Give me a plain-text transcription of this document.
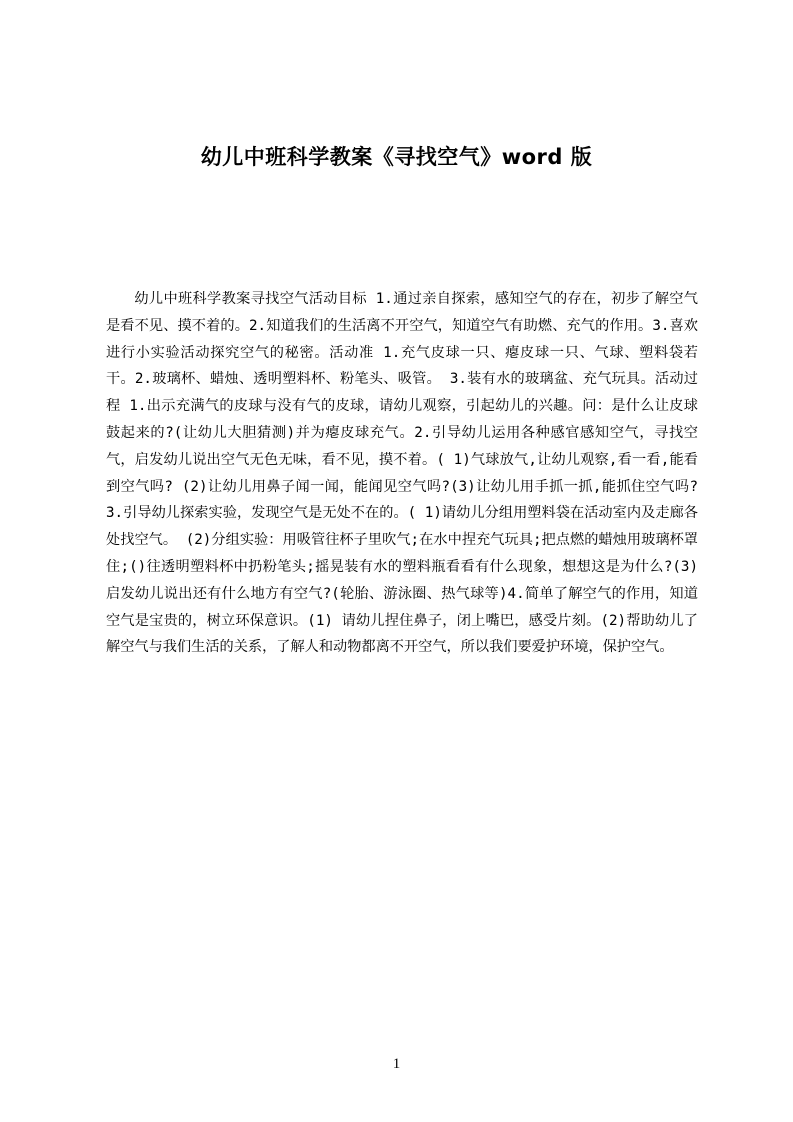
幼儿中班科学教案《寻找空气》word 版

幼儿中班科学教案寻找空气活动目标 1.通过亲自探索，感知空气的存在，初步了解空气是看不见、摸不着的。2.知道我们的生活离不开空气，知道空气有助燃、充气的作用。3.喜欢进行小实验活动探究空气的秘密。活动准 1.充气皮球一只、瘪皮球一只、气球、塑料袋若干。2.玻璃杯、蜡烛、透明塑料杯、粉笔头、吸管。 3.装有水的玻璃盆、充气玩具。活动过程 1.出示充满气的皮球与没有气的皮球，请幼儿观察，引起幼儿的兴趣。问：是什么让皮球鼓起来的?(让幼儿大胆猜测)并为瘪皮球充气。2.引导幼儿运用各种感官感知空气，寻找空气，启发幼儿说出空气无色无味，看不见，摸不着。( 1)气球放气,让幼儿观察,看一看,能看到空气吗? (2)让幼儿用鼻子闻一闻，能闻见空气吗?(3)让幼儿用手抓一抓,能抓住空气吗? 3.引导幼儿探索实验，发现空气是无处不在的。( 1)请幼儿分组用塑料袋在活动室内及走廊各处找空气。 (2)分组实验：用吸管往杯子里吹气;在水中捏充气玩具;把点燃的蜡烛用玻璃杯罩住;()往透明塑料杯中扔粉笔头;摇晃装有水的塑料瓶看看有什么现象，想想这是为什么?(3)启发幼儿说出还有什么地方有空气?(轮胎、游泳圈、热气球等)4.简单了解空气的作用，知道空气是宝贵的，树立环保意识。(1) 请幼儿捏住鼻子，闭上嘴巴，感受片刻。(2)帮助幼儿了解空气与我们生活的关系，了解人和动物都离不开空气，所以我们要爱护环境，保护空气。

1
